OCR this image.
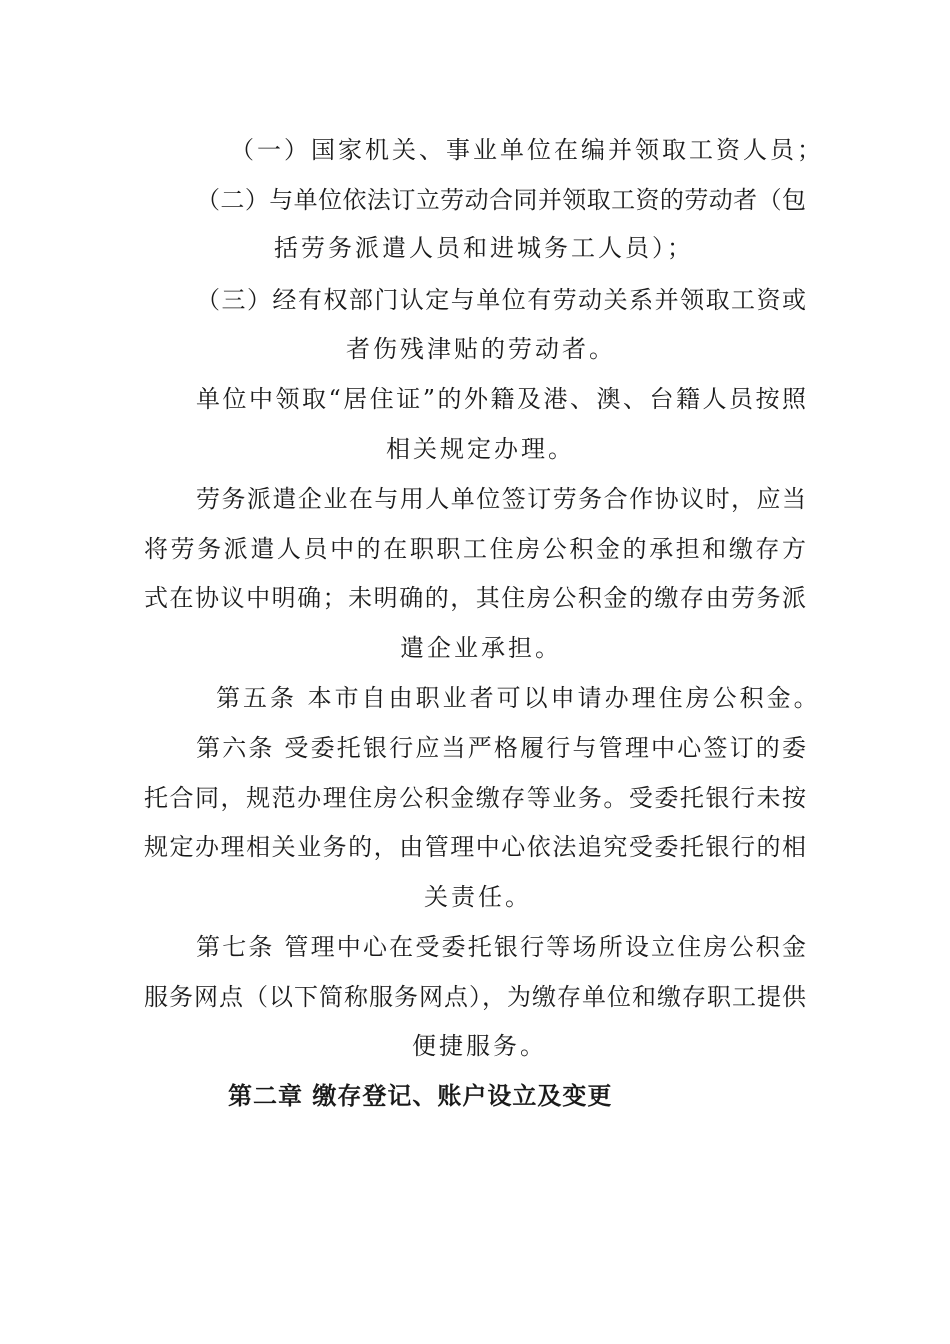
（一）国家机关、事业单位在编并领取工资人员；
（二）与单位依法订立劳动合同并领取工资的劳动者（包
括劳务派遣人员和进城务工人员）；
（三）经有权部门认定与单位有劳动关系并领取工资或
者伤残津贴的劳动者。
单位中领取“居住证”的外籍及港、澳、台籍人员按照
相关规定办理。
劳务派遣企业在与用人单位签订劳务合作协议时，应当
将劳务派遣人员中的在职职工住房公积金的承担和缴存方
式在协议中明确；未明确的，其住房公积金的缴存由劳务派
遣企业承担。
第五条 本市自由职业者可以申请办理住房公积金。
第六条 受委托银行应当严格履行与管理中心签订的委
托合同，规范办理住房公积金缴存等业务。受委托银行未按
规定办理相关业务的，由管理中心依法追究受委托银行的相
关责任。
第七条 管理中心在受委托银行等场所设立住房公积金
服务网点（以下简称服务网点），为缴存单位和缴存职工提供
便捷服务。
第二章 缴存登记、账户设立及变更
